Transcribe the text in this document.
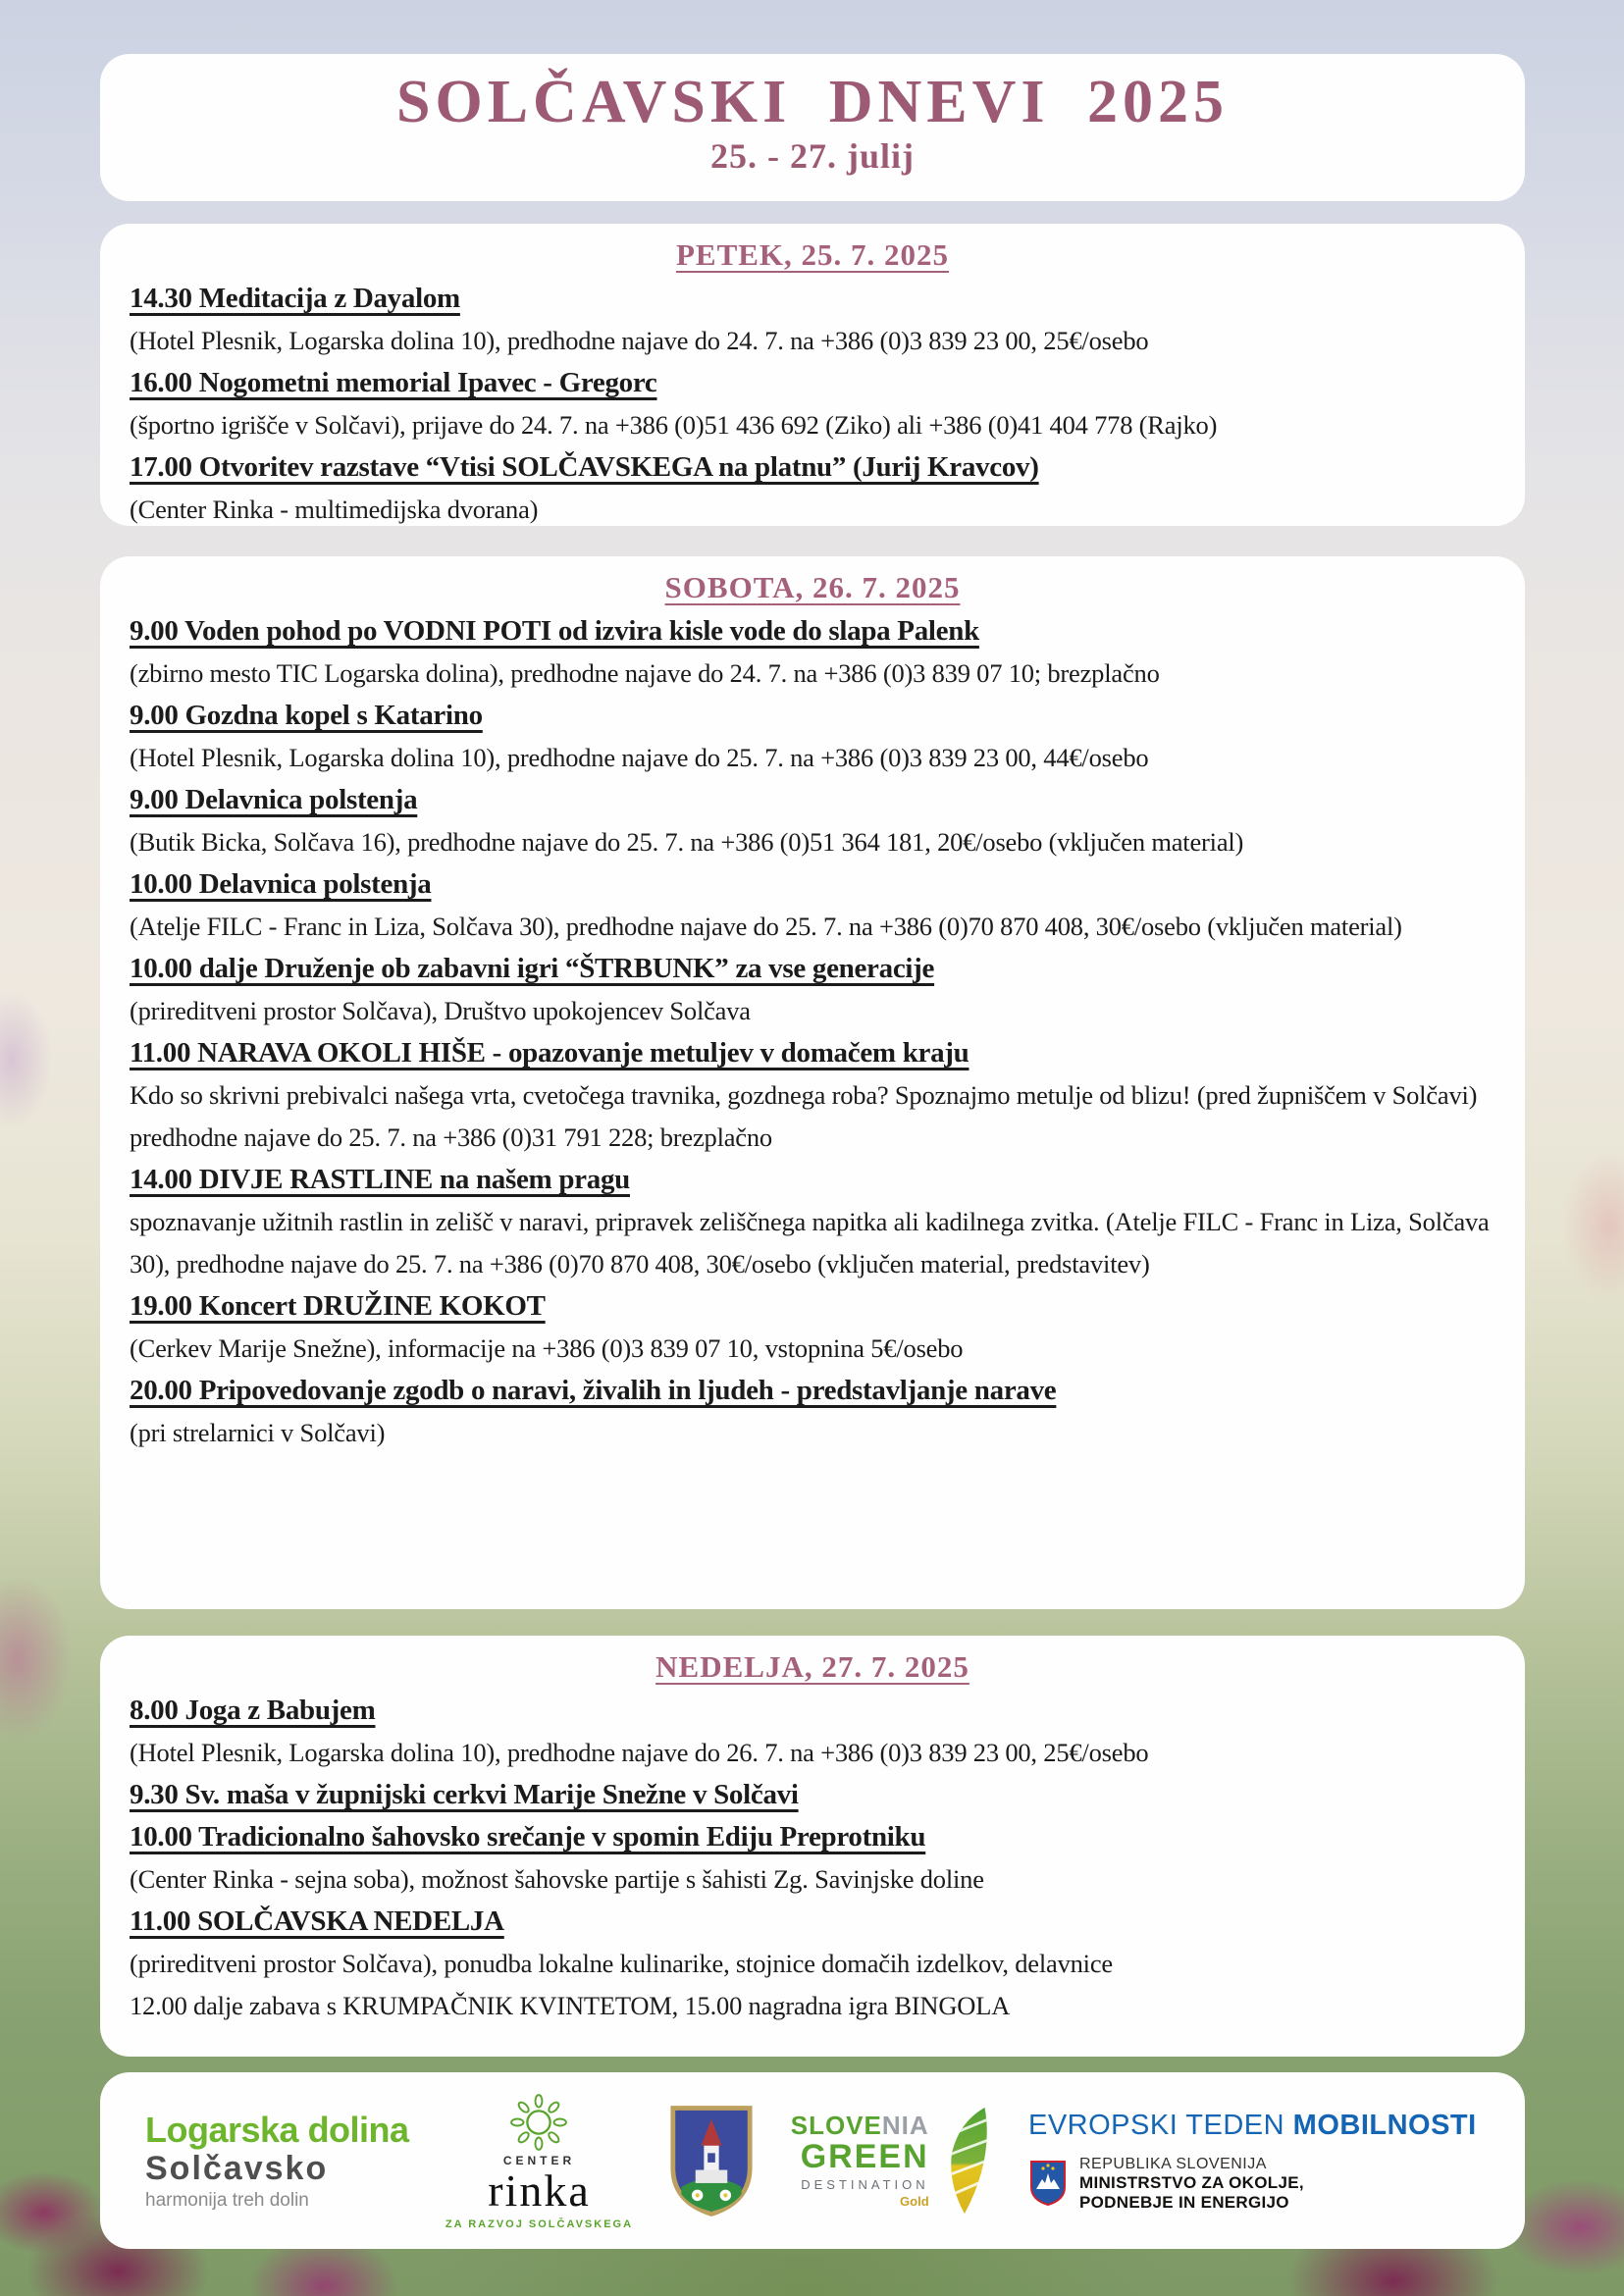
SOLČAVSKI DNEVI 2025
25. - 27. julij
PETEK, 25. 7. 2025

14.30 Meditacija z Dayalom

(Hotel Plesnik, Logarska dolina 10), predhodne najave do 24. 7. na +386 (0)3 839 23 00, 25€/osebo

16.00 Nogometni memorial Ipavec - Gregorc

(športno igrišče v Solčavi), prijave do 24. 7. na +386 (0)51 436 692 (Ziko) ali +386 (0)41 404 778 (Rajko)

17.00 Otvoritev razstave “Vtisi SOLČAVSKEGA na platnu” (Jurij Kravcov)

(Center Rinka - multimedijska dvorana)

SOBOTA, 26. 7. 2025

9.00 Voden pohod po VODNI POTI od izvira kisle vode do slapa Palenk

(zbirno mesto TIC Logarska dolina), predhodne najave do 24. 7. na +386 (0)3 839 07 10; brezplačno

9.00 Gozdna kopel s Katarino

(Hotel Plesnik, Logarska dolina 10), predhodne najave do 25. 7. na +386 (0)3 839 23 00, 44€/osebo

9.00 Delavnica polstenja

(Butik Bicka, Solčava 16), predhodne najave do 25. 7. na +386 (0)51 364 181, 20€/osebo (vključen material)

10.00 Delavnica polstenja

(Atelje FILC - Franc in Liza, Solčava 30), predhodne najave do 25. 7. na +386 (0)70 870 408, 30€/osebo (vključen material)

10.00 dalje Druženje ob zabavni igri “ŠTRBUNK” za vse generacije

(prireditveni prostor Solčava), Društvo upokojencev Solčava

11.00 NARAVA OKOLI HIŠE - opazovanje metuljev v domačem kraju

Kdo so skrivni prebivalci našega vrta, cvetočega travnika, gozdnega roba? Spoznajmo metulje od blizu! (pred župniščem v Solčavi)

predhodne najave do 25. 7. na +386 (0)31 791 228; brezplačno

14.00 DIVJE RASTLINE na našem pragu

spoznavanje užitnih rastlin in zelišč v naravi, pripravek zeliščnega napitka ali kadilnega zvitka. (Atelje FILC - Franc in Liza, Solčava 30), predhodne najave do 25. 7. na +386 (0)70 870 408, 30€/osebo (vključen material, predstavitev)

19.00 Koncert DRUŽINE KOKOT

(Cerkev Marije Snežne), informacije na +386 (0)3 839 07 10, vstopnina 5€/osebo

20.00 Pripovedovanje zgodb o naravi, živalih in ljudeh - predstavljanje narave

(pri strelarnici v Solčavi)

NEDELJA, 27. 7. 2025

8.00 Joga z Babujem

(Hotel Plesnik, Logarska dolina 10), predhodne najave do 26. 7. na +386 (0)3 839 23 00, 25€/osebo

9.30 Sv. maša v župnijski cerkvi Marije Snežne v Solčavi

10.00 Tradicionalno šahovsko srečanje v spomin Ediju Preprotniku

(Center Rinka - sejna soba), možnost šahovske partije s šahisti Zg. Savinjske doline

11.00 SOLČAVSKA NEDELJA

(prireditveni prostor Solčava), ponudba lokalne kulinarike, stojnice domačih izdelkov, delavnice

12.00 dalje zabava s KRUMPAČNIK KVINTETOM, 15.00 nagradna igra BINGOLA

Logarska dolina
Solčavsko
harmonija treh dolin
CENTER
rinka
ZA RAZVOJ SOLČAVSKEGA
SLOVENIA
GREEN
DESTINATION
Gold
EVROPSKI TEDEN MOBILNOSTI
REPUBLIKA SLOVENIJA
MINISTRSTVO ZA OKOLJE,
PODNEBJE IN ENERGIJO
